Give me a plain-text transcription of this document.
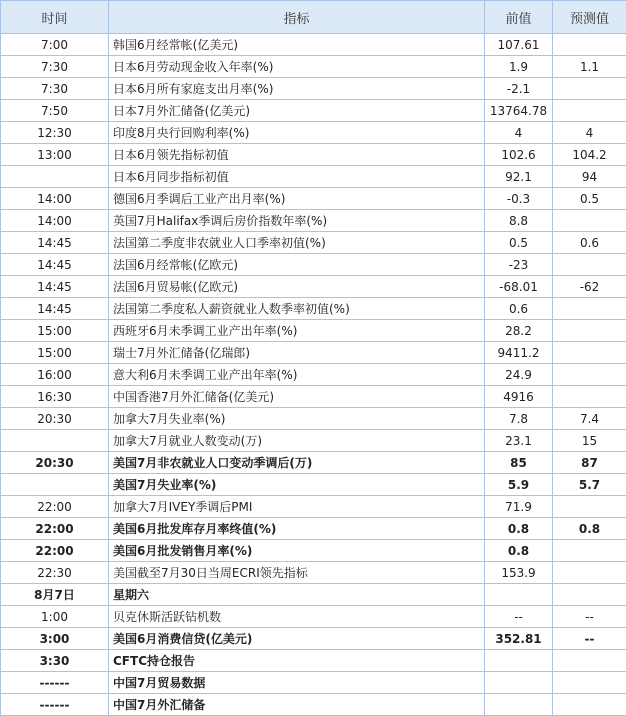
时间	指标	前值	预测值
7:00	韩国6月经常帐(亿美元)	107.61	
7:30	日本6月劳动现金收入年率(%)	1.9	1.1
7:30	日本6月所有家庭支出月率(%)	-2.1	
7:50	日本7月外汇储备(亿美元)	13764.78	
12:30	印度8月央行回购利率(%)	4	4
13:00	日本6月领先指标初值	102.6	104.2
	日本6月同步指标初值	92.1	94
14:00	德国6月季调后工业产出月率(%)	-0.3	0.5
14:00	英国7月Halifax季调后房价指数年率(%)	8.8	
14:45	法国第二季度非农就业人口季率初值(%)	0.5	0.6
14:45	法国6月经常帐(亿欧元)	-23	
14:45	法国6月贸易帐(亿欧元)	-68.01	-62
14:45	法国第二季度私人薪资就业人数季率初值(%)	0.6	
15:00	西班牙6月未季调工业产出年率(%)	28.2	
15:00	瑞士7月外汇储备(亿瑞郎)	9411.2	
16:00	意大利6月未季调工业产出年率(%)	24.9	
16:30	中国香港7月外汇储备(亿美元)	4916	
20:30	加拿大7月失业率(%)	7.8	7.4
	加拿大7月就业人数变动(万)	23.1	15
20:30	美国7月非农就业人口变动季调后(万)	85	87
	美国7月失业率(%)	5.9	5.7
22:00	加拿大7月IVEY季调后PMI	71.9	
22:00	美国6月批发库存月率终值(%)	0.8	0.8
22:00	美国6月批发销售月率(%)	0.8	
22:30	美国截至7月30日当周ECRI领先指标	153.9	
8月7日	星期六		
1:00	贝克休斯活跃钻机数	--	--
3:00	美国6月消费信贷(亿美元)	352.81	--
3:30	CFTC持仓报告		
------	中国7月贸易数据		
------	中国7月外汇储备		
